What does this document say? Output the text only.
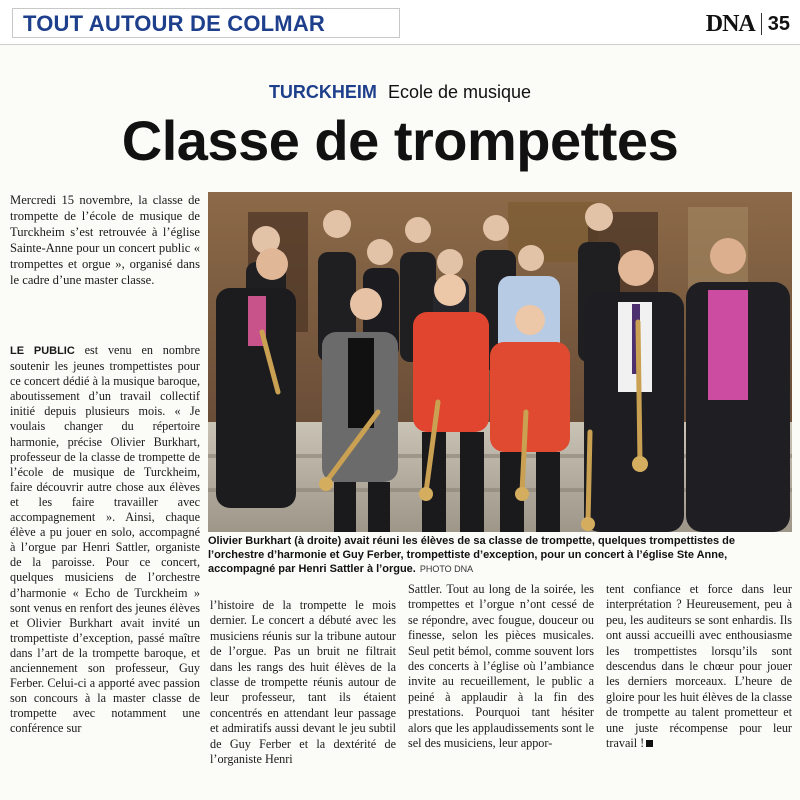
TOUT AUTOUR DE COLMAR	DNA 35
TURCKHEIM Ecole de musique
Classe de trompettes

Mercredi 15 novembre, la classe de trompette de l’école de musique de Turckheim s’est retrouvée à l’église Sainte-Anne pour un concert public « trompettes et orgue », organisé dans le cadre d’une master classe.

LE PUBLIC est venu en nombre soutenir les jeunes trompettistes pour ce concert dédié à la musique baroque, aboutissement d’un travail collectif initié depuis plusieurs mois. « Je voulais changer du répertoire harmonie, précise Olivier Burkhart, professeur de la classe de trompette de l’école de musique de Turckheim, faire découvrir autre chose aux élèves et les faire travailler avec accompagnement ». Ainsi, chaque élève a pu jouer en solo, accompagné à l’orgue par Henri Sattler, organiste de la paroisse. Pour ce concert, quelques musiciens de l’orchestre d’harmonie « Echo de Turckheim » sont venus en renfort des jeunes élèves et Olivier Burkhart avait invité un trompettiste d’exception, passé maître dans l’art de la trompette baroque, et anciennement son professeur, Guy Ferber. Celui-ci a apporté avec passion son concours à la master classe de trompette avec notamment une conférence sur

Olivier Burkhart (à droite) avait réuni les élèves de sa classe de trompette, quelques trompettistes de l’orchestre d’harmonie et Guy Ferber, trompettiste d’exception, pour un concert à l’église Ste Anne, accompagné par Henri Sattler à l’orgue. PHOTO DNA

l’histoire de la trompette le mois dernier. Le concert a débuté avec les musiciens réunis sur la tribune autour de l’orgue. Pas un bruit ne filtrait dans les rangs des huit élèves de la classe de trompette réunis autour de leur professeur, tant ils étaient concentrés en attendant leur passage et admiratifs aussi devant le jeu subtil de Guy Ferber et la dextérité de l’organiste Henri

Sattler. Tout au long de la soirée, les trompettes et l’orgue n’ont cessé de se répondre, avec fougue, douceur ou finesse, selon les pièces musicales. Seul petit bémol, comme souvent lors des concerts à l’église où l’ambiance invite au recueillement, le public a peiné à applaudir à la fin des prestations. Pourquoi tant hésiter alors que les applaudissements sont le sel des musiciens, leur appor-

tent confiance et force dans leur interprétation ? Heureusement, peu à peu, les auditeurs se sont enhardis. Ils ont aussi accueilli avec enthousiasme les trompettistes lorsqu’ils sont descendus dans le chœur pour jouer les derniers morceaux. L’heure de gloire pour les huit élèves de la classe de trompette au talent prometteur et une juste récompense pour leur travail !
